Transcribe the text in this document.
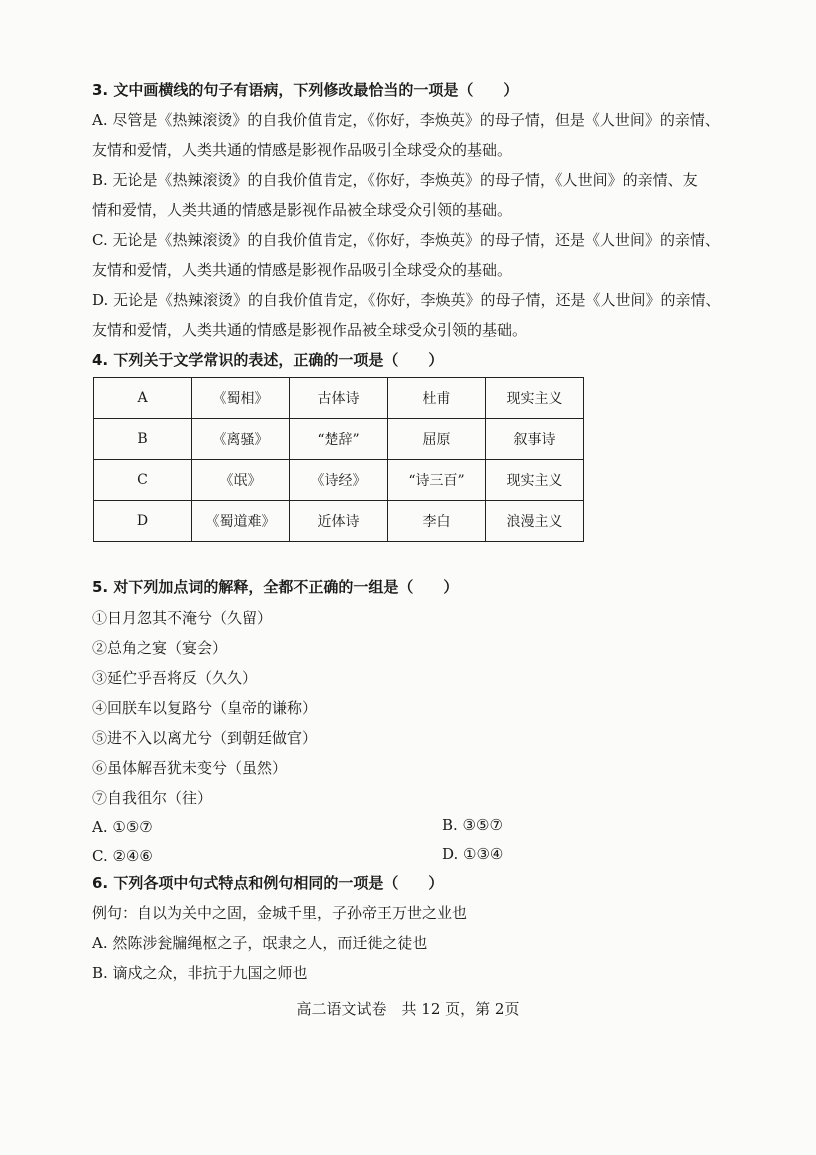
3. 文中画横线的句子有语病，下列修改最恰当的一项是（　　）
A. 尽管是《热辣滚烫》的自我价值肯定，《你好，李焕英》的母子情，但是《人世间》的亲情、
友情和爱情，人类共通的情感是影视作品吸引全球受众的基础。
B. 无论是《热辣滚烫》的自我价值肯定，《你好，李焕英》的母子情，《人世间》的亲情、友
情和爱情，人类共通的情感是影视作品被全球受众引领的基础。
C. 无论是《热辣滚烫》的自我价值肯定，《你好，李焕英》的母子情，还是《人世间》的亲情、
友情和爱情，人类共通的情感是影视作品吸引全球受众的基础。
D. 无论是《热辣滚烫》的自我价值肯定，《你好，李焕英》的母子情，还是《人世间》的亲情、
友情和爱情，人类共通的情感是影视作品被全球受众引领的基础。
4. 下列关于文学常识的表述，正确的一项是（　　）
A	《蜀相》	古体诗	杜甫	现实主义
B	《离骚》	“楚辞”	屈原	叙事诗
C	《氓》	《诗经》	“诗三百”	现实主义
D	《蜀道难》	近体诗	李白	浪漫主义
5. 对下列加点词的解释，全都不正确的一组是（　　）
①日月忽其不淹兮（久留）
②总角之宴（宴会）
③延伫乎吾将反（久久）
④回朕车以复路兮（皇帝的谦称）
⑤进不入以离尤兮（到朝廷做官）
⑥虽体解吾犹未变兮（虽然）
⑦自我徂尔（往）
A. ①⑤⑦	B. ③⑤⑦
C. ②④⑥	D. ①③④
6. 下列各项中句式特点和例句相同的一项是（　　）
例句：自以为关中之固，金城千里，子孙帝王万世之业也
A. 然陈涉瓮牖绳枢之子，氓隶之人，而迁徙之徒也
B. 谪戍之众，非抗于九国之师也
高二语文试卷　共 12 页，第 2页
